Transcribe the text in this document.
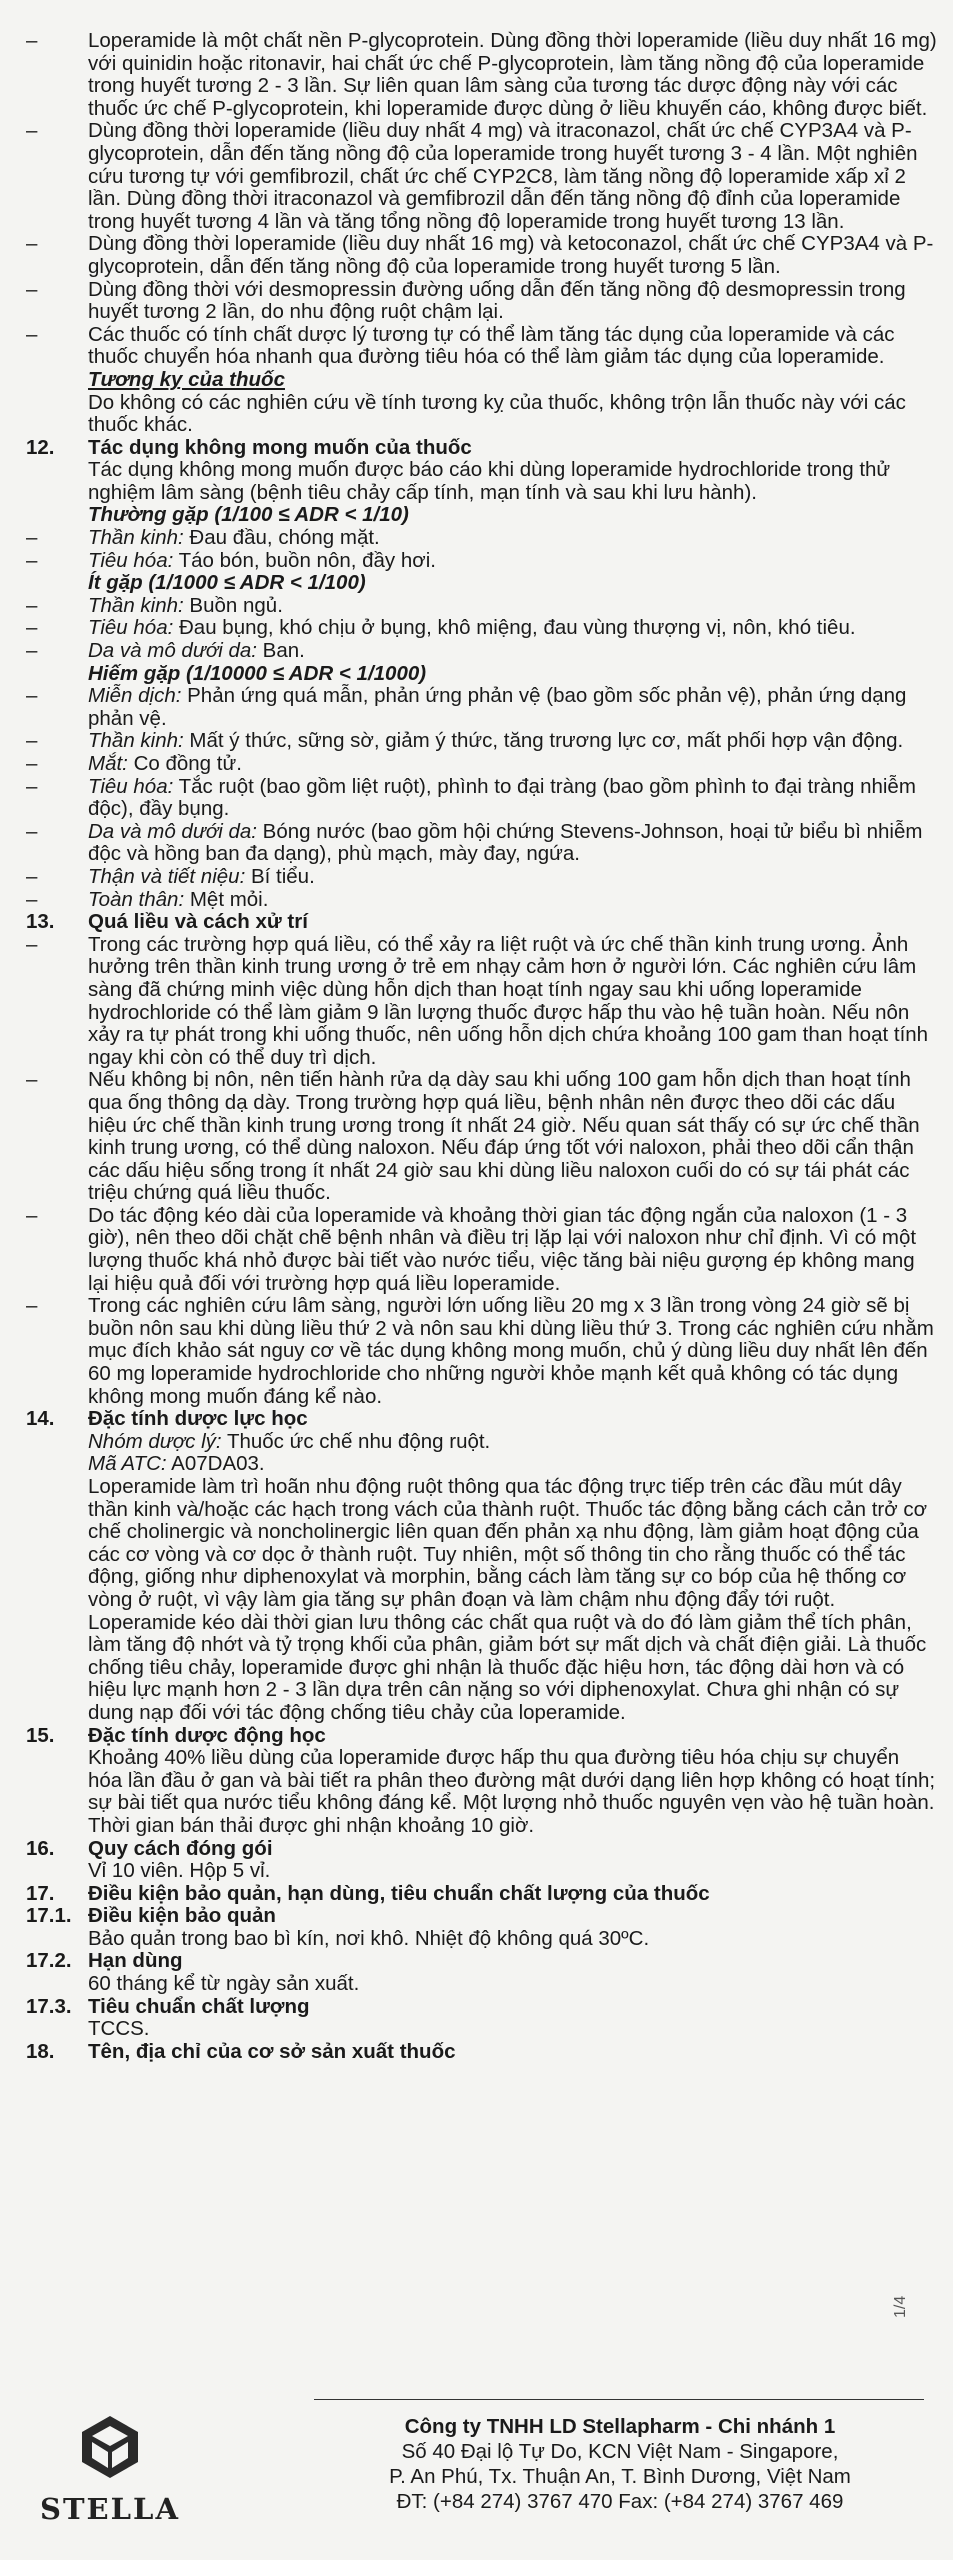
–	Loperamide là một chất nền P-glycoprotein. Dùng đồng thời loperamide (liều duy nhất 16 mg) với quinidin hoặc ritonavir, hai chất ức chế P-glycoprotein, làm tăng nồng độ của loperamide trong huyết tương 2 - 3 lần. Sự liên quan lâm sàng của tương tác dược động này với các thuốc ức chế P-glycoprotein, khi loperamide được dùng ở liều khuyến cáo, không được biết.
–	Dùng đồng thời loperamide (liều duy nhất 4 mg) và itraconazol, chất ức chế CYP3A4 và P-glycoprotein, dẫn đến tăng nồng độ của loperamide trong huyết tương 3 - 4 lần. Một nghiên cứu tương tự với gemfibrozil, chất ức chế CYP2C8, làm tăng nồng độ loperamide xấp xỉ 2 lần. Dùng đồng thời itraconazol và gemfibrozil dẫn đến tăng nồng độ đỉnh của loperamide trong huyết tương 4 lần và tăng tổng nồng độ loperamide trong huyết tương 13 lần.
–	Dùng đồng thời loperamide (liều duy nhất 16 mg) và ketoconazol, chất ức chế CYP3A4 và P-glycoprotein, dẫn đến tăng nồng độ của loperamide trong huyết tương 5 lần.
–	Dùng đồng thời với desmopressin đường uống dẫn đến tăng nồng độ desmopressin trong huyết tương 2 lần, do nhu động ruột chậm lại.
–	Các thuốc có tính chất dược lý tương tự có thể làm tăng tác dụng của loperamide và các thuốc chuyển hóa nhanh qua đường tiêu hóa có thể làm giảm tác dụng của loperamide.
Tương kỵ của thuốc
Do không có các nghiên cứu về tính tương kỵ của thuốc, không trộn lẫn thuốc này với các thuốc khác.
12.	Tác dụng không mong muốn của thuốc
Tác dụng không mong muốn được báo cáo khi dùng loperamide hydrochloride trong thử nghiệm lâm sàng (bệnh tiêu chảy cấp tính, mạn tính và sau khi lưu hành).
Thường gặp (1/100 ≤ ADR < 1/10)
–	Thần kinh: Đau đầu, chóng mặt.
–	Tiêu hóa: Táo bón, buồn nôn, đầy hơi.
Ít gặp (1/1000 ≤ ADR < 1/100)
–	Thần kinh: Buồn ngủ.
–	Tiêu hóa: Đau bụng, khó chịu ở bụng, khô miệng, đau vùng thượng vị, nôn, khó tiêu.
–	Da và mô dưới da: Ban.
Hiếm gặp (1/10000 ≤ ADR < 1/1000)
–	Miễn dịch: Phản ứng quá mẫn, phản ứng phản vệ (bao gồm sốc phản vệ), phản ứng dạng phản vệ.
–	Thần kinh: Mất ý thức, sững sờ, giảm ý thức, tăng trương lực cơ, mất phối hợp vận động.
–	Mắt: Co đồng tử.
–	Tiêu hóa: Tắc ruột (bao gồm liệt ruột), phình to đại tràng (bao gồm phình to đại tràng nhiễm độc), đầy bụng.
–	Da và mô dưới da: Bóng nước (bao gồm hội chứng Stevens-Johnson, hoại tử biểu bì nhiễm độc và hồng ban đa dạng), phù mạch, mày đay, ngứa.
–	Thận và tiết niệu: Bí tiểu.
–	Toàn thân: Mệt mỏi.
13.	Quá liều và cách xử trí
–	Trong các trường hợp quá liều, có thể xảy ra liệt ruột và ức chế thần kinh trung ương. Ảnh hưởng trên thần kinh trung ương ở trẻ em nhạy cảm hơn ở người lớn. Các nghiên cứu lâm sàng đã chứng minh việc dùng hỗn dịch than hoạt tính ngay sau khi uống loperamide hydrochloride có thể làm giảm 9 lần lượng thuốc được hấp thu vào hệ tuần hoàn. Nếu nôn xảy ra tự phát trong khi uống thuốc, nên uống hỗn dịch chứa khoảng 100 gam than hoạt tính ngay khi còn có thể duy trì dịch.
–	Nếu không bị nôn, nên tiến hành rửa dạ dày sau khi uống 100 gam hỗn dịch than hoạt tính qua ống thông dạ dày. Trong trường hợp quá liều, bệnh nhân nên được theo dõi các dấu hiệu ức chế thần kinh trung ương trong ít nhất 24 giờ. Nếu quan sát thấy có sự ức chế thần kinh trung ương, có thể dùng naloxon. Nếu đáp ứng tốt với naloxon, phải theo dõi cẩn thận các dấu hiệu sống trong ít nhất 24 giờ sau khi dùng liều naloxon cuối do có sự tái phát các triệu chứng quá liều thuốc.
–	Do tác động kéo dài của loperamide và khoảng thời gian tác động ngắn của naloxon (1 - 3 giờ), nên theo dõi chặt chẽ bệnh nhân và điều trị lặp lại với naloxon như chỉ định. Vì có một lượng thuốc khá nhỏ được bài tiết vào nước tiểu, việc tăng bài niệu gượng ép không mang lại hiệu quả đối với trường hợp quá liều loperamide.
–	Trong các nghiên cứu lâm sàng, người lớn uống liều 20 mg x 3 lần trong vòng 24 giờ sẽ bị buồn nôn sau khi dùng liều thứ 2 và nôn sau khi dùng liều thứ 3. Trong các nghiên cứu nhằm mục đích khảo sát nguy cơ về tác dụng không mong muốn, chủ ý dùng liều duy nhất lên đến 60 mg loperamide hydrochloride cho những người khỏe mạnh kết quả không có tác dụng không mong muốn đáng kể nào.
14.	Đặc tính dược lực học
Nhóm dược lý: Thuốc ức chế nhu động ruột.
Mã ATC: A07DA03.
Loperamide làm trì hoãn nhu động ruột thông qua tác động trực tiếp trên các đầu mút dây thần kinh và/hoặc các hạch trong vách của thành ruột. Thuốc tác động bằng cách cản trở cơ chế cholinergic và noncholinergic liên quan đến phản xạ nhu động, làm giảm hoạt động của các cơ vòng và cơ dọc ở thành ruột. Tuy nhiên, một số thông tin cho rằng thuốc có thể tác động, giống như diphenoxylat và morphin, bằng cách làm tăng sự co bóp của hệ thống cơ vòng ở ruột, vì vậy làm gia tăng sự phân đoạn và làm chậm nhu động đẩy tới ruột.
Loperamide kéo dài thời gian lưu thông các chất qua ruột và do đó làm giảm thể tích phân, làm tăng độ nhớt và tỷ trọng khối của phân, giảm bớt sự mất dịch và chất điện giải. Là thuốc chống tiêu chảy, loperamide được ghi nhận là thuốc đặc hiệu hơn, tác động dài hơn và có hiệu lực mạnh hơn 2 - 3 lần dựa trên cân nặng so với diphenoxylat. Chưa ghi nhận có sự dung nạp đối với tác động chống tiêu chảy của loperamide.
15.	Đặc tính dược động học
Khoảng 40% liều dùng của loperamide được hấp thu qua đường tiêu hóa chịu sự chuyển hóa lần đầu ở gan và bài tiết ra phân theo đường mật dưới dạng liên hợp không có hoạt tính; sự bài tiết qua nước tiểu không đáng kể. Một lượng nhỏ thuốc nguyên vẹn vào hệ tuần hoàn. Thời gian bán thải được ghi nhận khoảng 10 giờ.
16.	Quy cách đóng gói
Vỉ 10 viên. Hộp 5 vỉ.
17.	Điều kiện bảo quản, hạn dùng, tiêu chuẩn chất lượng của thuốc
17.1. Điều kiện bảo quản
Bảo quản trong bao bì kín, nơi khô. Nhiệt độ không quá 30ºC.
17.2. Hạn dùng
60 tháng kể từ ngày sản xuất.
17.3. Tiêu chuẩn chất lượng
TCCS.
18.	Tên, địa chỉ của cơ sở sản xuất thuốc
1/4
STELLA
Công ty TNHH LD Stellapharm - Chi nhánh 1
Số 40 Đại lộ Tự Do, KCN Việt Nam - Singapore,
P. An Phú, Tx. Thuận An, T. Bình Dương, Việt Nam
ĐT: (+84 274) 3767 470 Fax: (+84 274) 3767 469
